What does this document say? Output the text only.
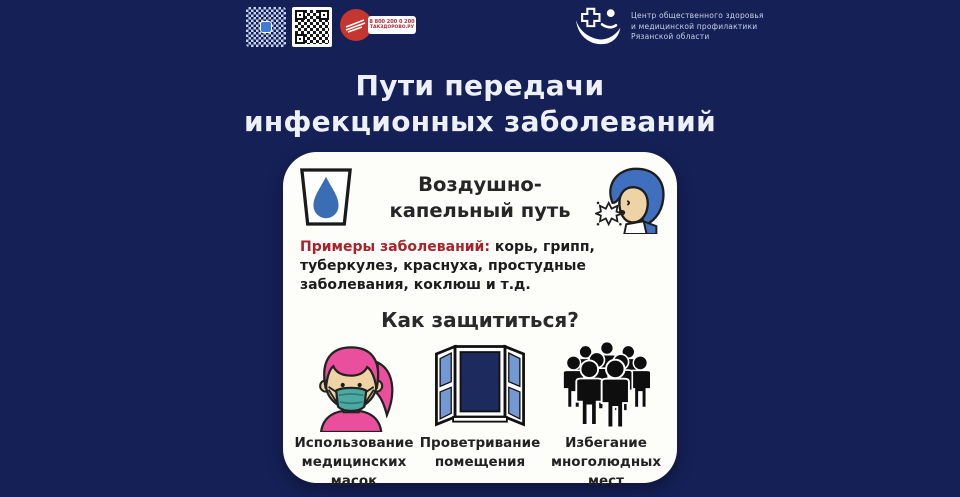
8 800 200 0 200
ТАКЗДОРОВО.РУ
Центр общественного здоровья
и медицинской профилактики
Рязанской области
Пути передачи
инфекционных заболеваний
Воздушно-капельный путь
Примеры заболеваний: корь, грипп, туберкулез, краснуха, простудные заболевания, коклюш и т.д.
Как защититься?
Использование медицинских масок
Проветривание помещения
Избегание многолюдных мест
